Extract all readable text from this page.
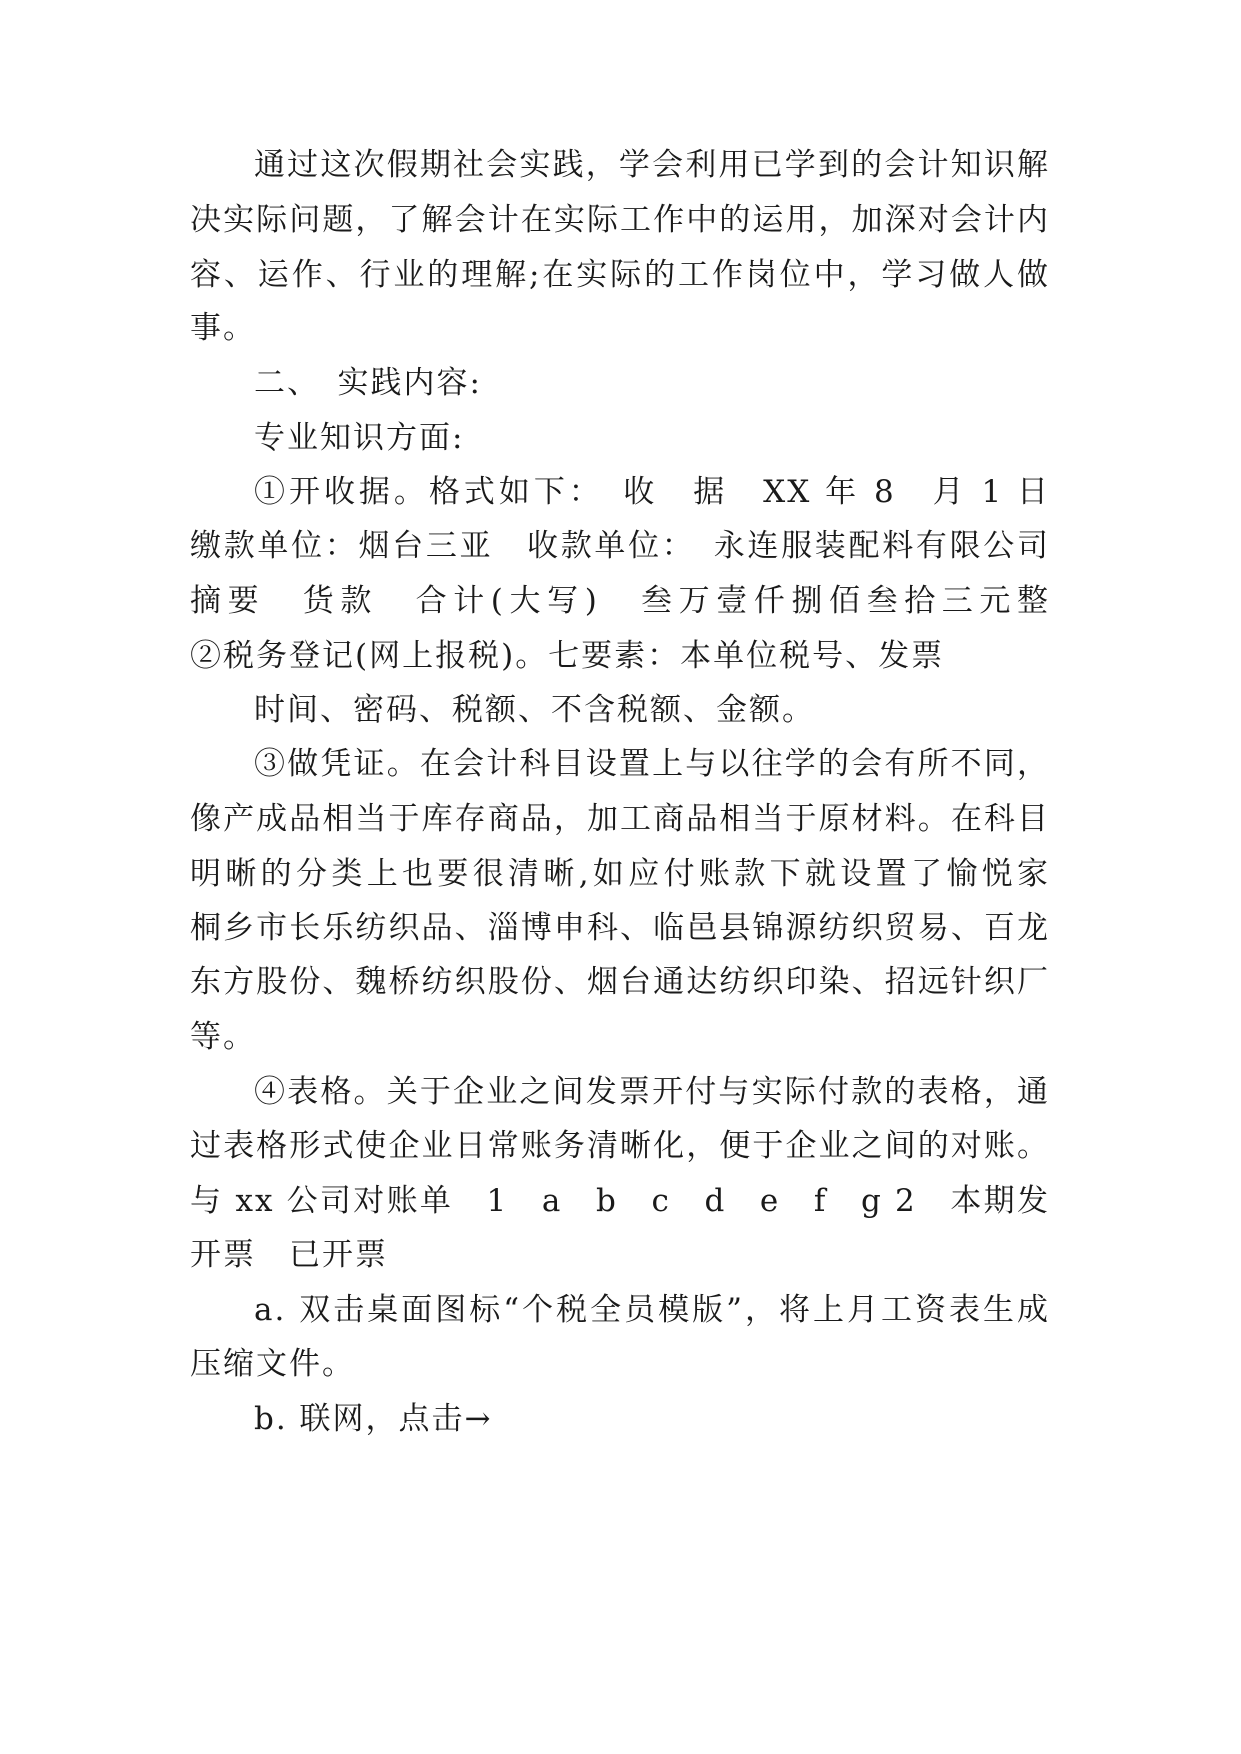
通过这次假期社会实践，学会利用已学到的会计知识解
决实际问题，了解会计在实际工作中的运用，加深对会计内
容、运作、行业的理解;在实际的工作岗位中，学习做人做
事。
二、　实践内容:
专业知识方面:
①开收据。格式如下：　收　据　XX 年 8　月 1 日　
缴款单位：烟台三亚　收款单位：　永连服装配料有限公司
摘要　货款　合计(大写)　叁万壹仟捌佰叁拾三元整　
②税务登记(网上报税)。七要素：本单位税号、发票
时间、密码、税额、不含税额、金额。
③做凭证。在会计科目设置上与以往学的会有所不同，
像产成品相当于库存商品，加工商品相当于原材料。在科目
明晰的分类上也要很清晰,如应付账款下就设置了愉悦家
桐乡市长乐纺织品、淄博申科、临邑县锦源纺织贸易、百龙
东方股份、魏桥纺织股份、烟台通达纺织印染、招远针织厂
等。
④表格。关于企业之间发票开付与实际付款的表格，通
过表格形式使企业日常账务清晰化，便于企业之间的对账。
与 xx 公司对账单　1　a　b　c　d　e　f　g 2　本期发　　
开票　已开票
a. 双击桌面图标“个税全员模版”，将上月工资表生成
压缩文件。
b. 联网，点击→
